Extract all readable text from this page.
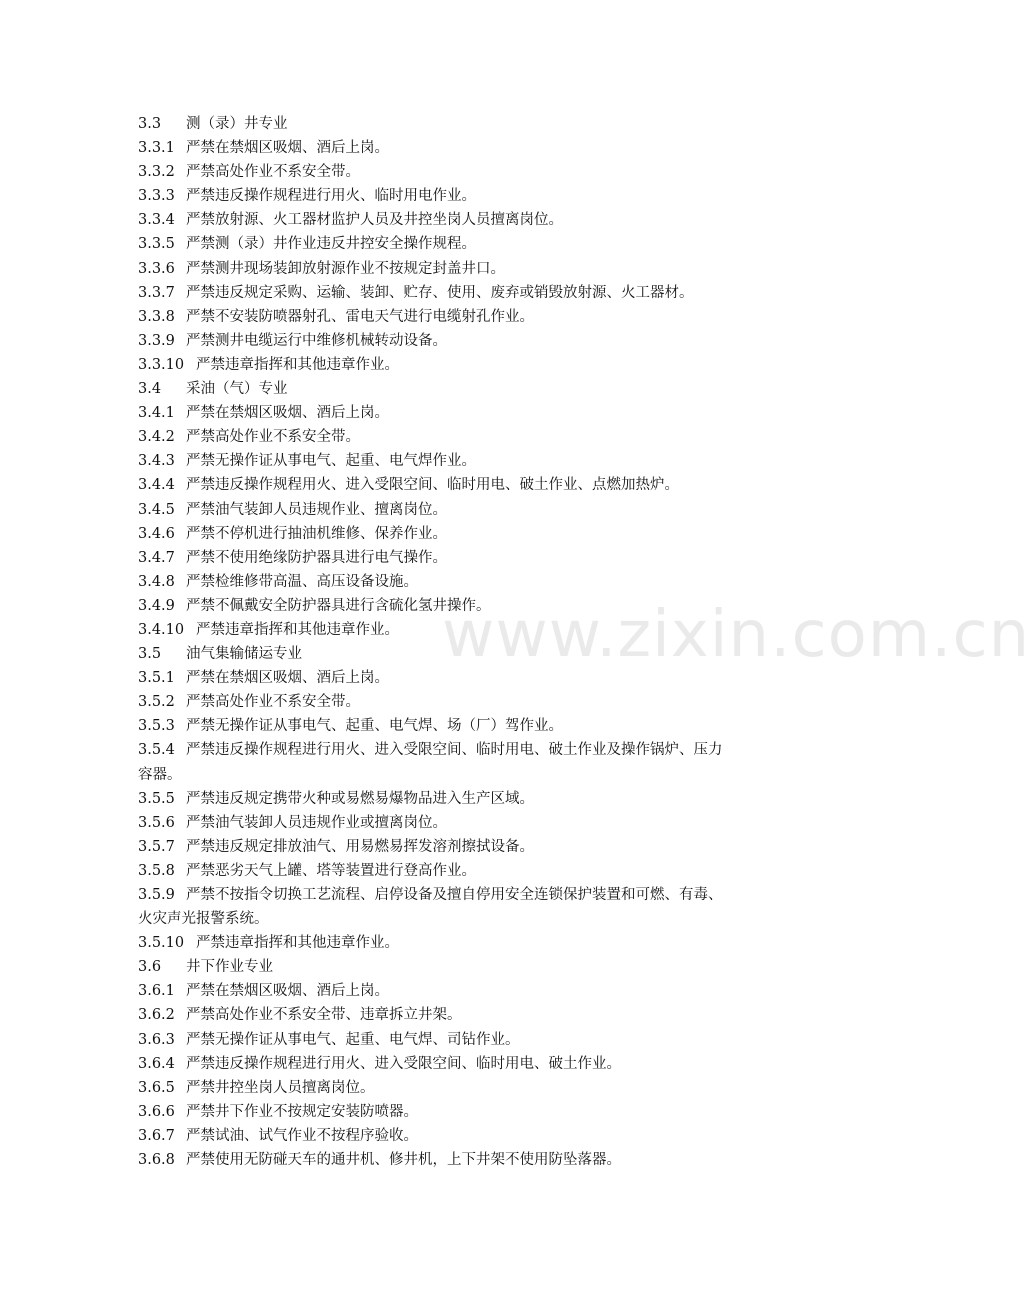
3.3 测（录）井专业
3.3.1 严禁在禁烟区吸烟、酒后上岗。
3.3.2 严禁高处作业不系安全带。
3.3.3 严禁违反操作规程进行用火、临时用电作业。
3.3.4 严禁放射源、火工器材监护人员及井控坐岗人员擅离岗位。
3.3.5 严禁测（录）井作业违反井控安全操作规程。
3.3.6 严禁测井现场装卸放射源作业不按规定封盖井口。
3.3.7 严禁违反规定采购、运输、装卸、贮存、使用、废弃或销毁放射源、火工器材。
3.3.8 严禁不安装防喷器射孔、雷电天气进行电缆射孔作业。
3.3.9 严禁测井电缆运行中维修机械转动设备。
3.3.10 严禁违章指挥和其他违章作业。
3.4 采油（气）专业
3.4.1 严禁在禁烟区吸烟、酒后上岗。
3.4.2 严禁高处作业不系安全带。
3.4.3 严禁无操作证从事电气、起重、电气焊作业。
3.4.4 严禁违反操作规程用火、进入受限空间、临时用电、破土作业、点燃加热炉。
3.4.5 严禁油气装卸人员违规作业、擅离岗位。
3.4.6 严禁不停机进行抽油机维修、保养作业。
3.4.7 严禁不使用绝缘防护器具进行电气操作。
3.4.8 严禁检维修带高温、高压设备设施。
3.4.9 严禁不佩戴安全防护器具进行含硫化氢井操作。
3.4.10 严禁违章指挥和其他违章作业。
3.5 油气集输储运专业
3.5.1 严禁在禁烟区吸烟、酒后上岗。
3.5.2 严禁高处作业不系安全带。
3.5.3 严禁无操作证从事电气、起重、电气焊、场（厂）驾作业。
3.5.4 严禁违反操作规程进行用火、进入受限空间、临时用电、破土作业及操作锅炉、压力
容器。
3.5.5 严禁违反规定携带火种或易燃易爆物品进入生产区域。
3.5.6 严禁油气装卸人员违规作业或擅离岗位。
3.5.7 严禁违反规定排放油气、用易燃易挥发溶剂擦拭设备。
3.5.8 严禁恶劣天气上罐、塔等装置进行登高作业。
3.5.9 严禁不按指令切换工艺流程、启停设备及擅自停用安全连锁保护装置和可燃、有毒、
火灾声光报警系统。
3.5.10 严禁违章指挥和其他违章作业。
3.6 井下作业专业
3.6.1 严禁在禁烟区吸烟、酒后上岗。
3.6.2 严禁高处作业不系安全带、违章拆立井架。
3.6.3 严禁无操作证从事电气、起重、电气焊、司钻作业。
3.6.4 严禁违反操作规程进行用火、进入受限空间、临时用电、破土作业。
3.6.5 严禁井控坐岗人员擅离岗位。
3.6.6 严禁井下作业不按规定安装防喷器。
3.6.7 严禁试油、试气作业不按程序验收。
3.6.8 严禁使用无防碰天车的通井机、修井机，上下井架不使用防坠落器。
www.zixin.com.cn
